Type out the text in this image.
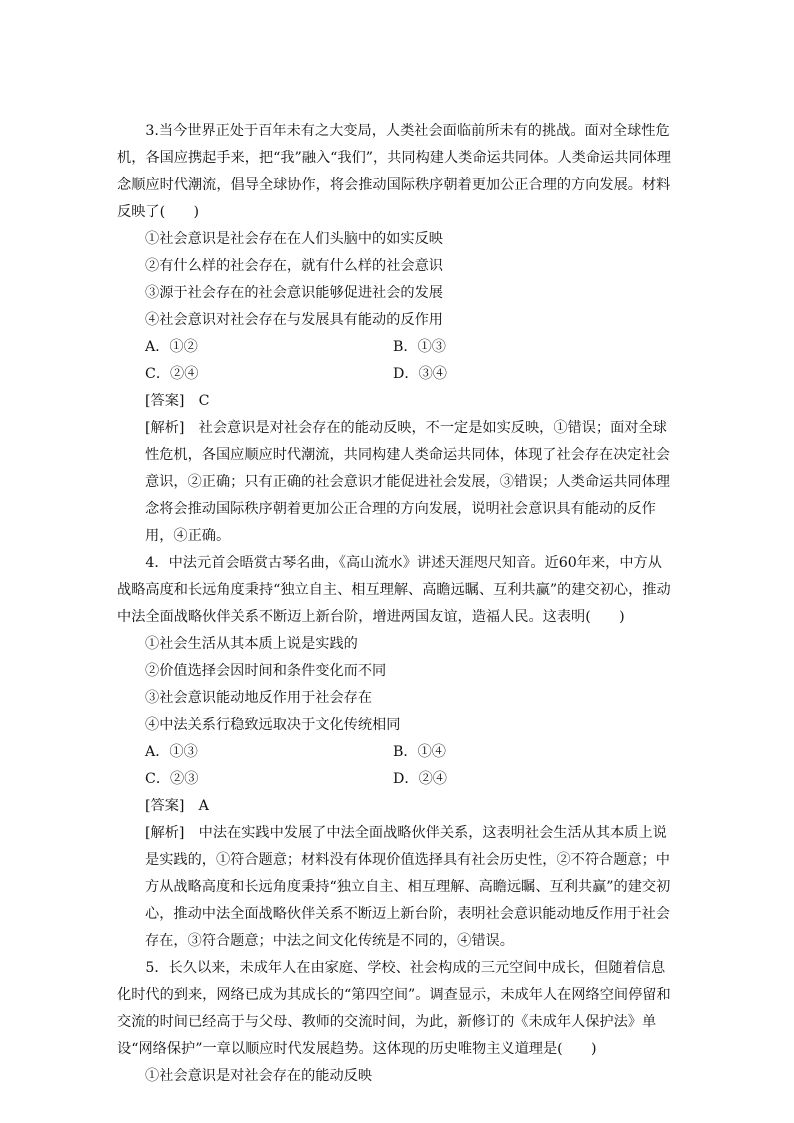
3.当今世界正处于百年未有之大变局，人类社会面临前所未有的挑战。面对全球性危机，各国应携起手来，把“我”融入“我们”，共同构建人类命运共同体。人类命运共同体理念顺应时代潮流，倡导全球协作，将会推动国际秩序朝着更加公正合理的方向发展。材料反映了(　　)

①社会意识是社会存在在人们头脑中的如实反映

②有什么样的社会存在，就有什么样的社会意识

③源于社会存在的社会意识能够促进社会的发展

④社会意识对社会存在与发展具有能动的反作用

A．①②	B．①③
C．②④	D．③④

[答案]　C

[解析]　社会意识是对社会存在的能动反映，不一定是如实反映，①错误；面对全球性危机，各国应顺应时代潮流，共同构建人类命运共同体，体现了社会存在决定社会意识，②正确；只有正确的社会意识才能促进社会发展，③错误；人类命运共同体理念将会推动国际秩序朝着更加公正合理的方向发展，说明社会意识具有能动的反作用，④正确。

4．中法元首会晤赏古琴名曲，《高山流水》讲述天涯咫尺知音。近60年来，中方从战略高度和长远角度秉持“独立自主、相互理解、高瞻远瞩、互利共赢”的建交初心，推动中法全面战略伙伴关系不断迈上新台阶，增进两国友谊，造福人民。这表明(　　)

①社会生活从其本质上说是实践的

②价值选择会因时间和条件变化而不同

③社会意识能动地反作用于社会存在

④中法关系行稳致远取决于文化传统相同

A．①③	B．①④
C．②③	D．②④

[答案]　A

[解析]　中法在实践中发展了中法全面战略伙伴关系，这表明社会生活从其本质上说是实践的，①符合题意；材料没有体现价值选择具有社会历史性，②不符合题意；中方从战略高度和长远角度秉持“独立自主、相互理解、高瞻远瞩、互利共赢”的建交初心，推动中法全面战略伙伴关系不断迈上新台阶，表明社会意识能动地反作用于社会存在，③符合题意；中法之间文化传统是不同的，④错误。

5．长久以来，未成年人在由家庭、学校、社会构成的三元空间中成长，但随着信息化时代的到来，网络已成为其成长的“第四空间”。调查显示，未成年人在网络空间停留和交流的时间已经高于与父母、教师的交流时间，为此，新修订的《未成年人保护法》单设“网络保护”一章以顺应时代发展趋势。这体现的历史唯物主义道理是(　　)

①社会意识是对社会存在的能动反映
